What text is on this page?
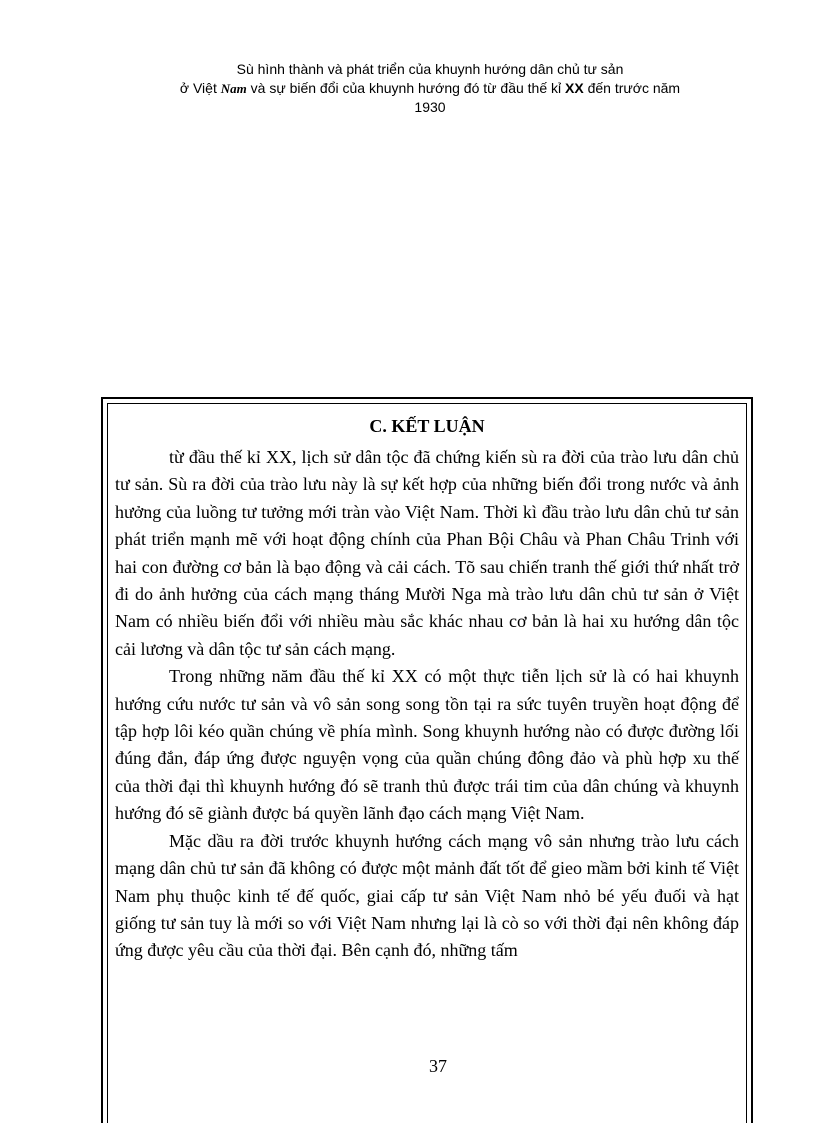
Sù hình thành và phát triển của khuynh hướng dân chủ tư sản
ở Việt Nam và sự biến đổi của khuynh hướng đó từ đầu thế kỉ XX đến trước năm
1930
C. KẾT LUẬN

từ đầu thế kỉ XX, lịch sử dân tộc đã chứng kiến sù ra đời của trào lưu dân chủ tư sản. Sù ra đời của trào lưu này là sự kết hợp của những biến đổi trong nước và ảnh hưởng của luồng tư tưởng mới tràn vào Việt Nam. Thời kì đầu trào lưu dân chủ tư sản phát triển mạnh mẽ với hoạt động chính của Phan Bội Châu và Phan Châu Trinh với hai con đường cơ bản là bạo động và cải cách. Tõ sau chiến tranh thế giới thứ nhất trở đi do ảnh hưởng của cách mạng tháng Mười Nga mà trào lưu dân chủ tư sản ở Việt Nam có nhiều biến đổi với nhiều màu sắc khác nhau cơ bản là hai xu hướng dân tộc cải lương và dân tộc tư sản cách mạng.

Trong những năm đầu thế kỉ XX có một thực tiễn lịch sử là có hai khuynh hướng cứu nước tư sản và vô sản song song tồn tại ra sức tuyên truyền hoạt động để tập hợp lôi kéo quần chúng về phía mình. Song khuynh hướng nào có được đường lối đúng đắn, đáp ứng được nguyện vọng của quần chúng đông đảo và phù hợp xu thế của thời đại thì khuynh hướng đó sẽ tranh thủ được trái tim của dân chúng và khuynh hướng đó sẽ giành được bá quyền lãnh đạo cách mạng Việt Nam.

Mặc dầu ra đời trước khuynh hướng cách mạng vô sản nhưng trào lưu cách mạng dân chủ tư sản đã không có được một mảnh đất tốt để gieo mầm bởi kinh tế Việt Nam phụ thuộc kinh tế đế quốc, giai cấp tư sản Việt Nam nhỏ bé yếu đuối và hạt giống tư sản tuy là mới so với Việt Nam nhưng lại là cò so với thời đại nên không đáp ứng được yêu cầu của thời đại. Bên cạnh đó, những tấm

37
